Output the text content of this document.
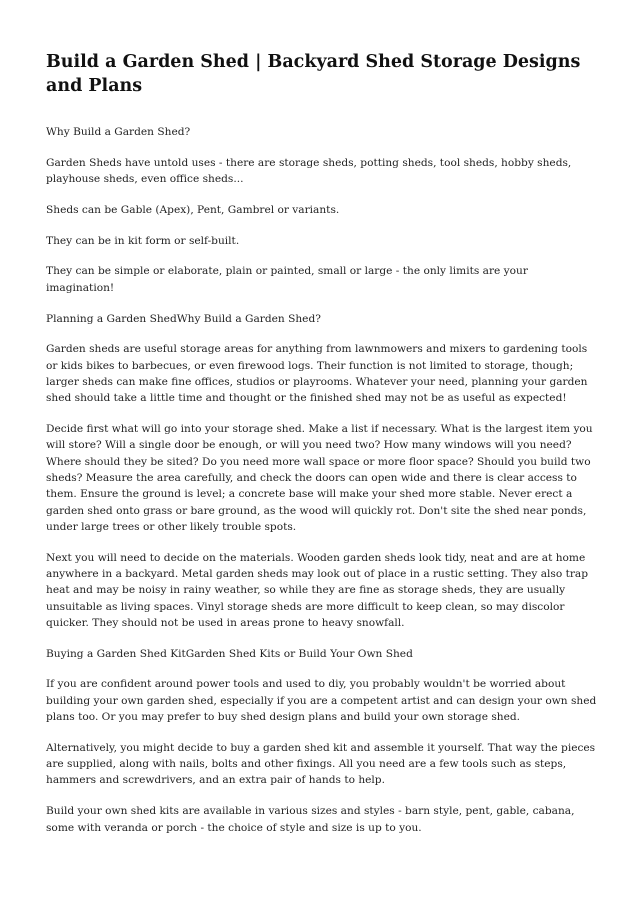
Build a Garden Shed | Backyard Shed Storage Designs and Plans

Why Build a Garden Shed?

Garden Sheds have untold uses - there are storage sheds, potting sheds, tool sheds, hobby sheds, playhouse sheds, even office sheds...

Sheds can be Gable (Apex), Pent, Gambrel or variants.

They can be in kit form or self-built.

They can be simple or elaborate, plain or painted, small or large - the only limits are your imagination!

Planning a Garden ShedWhy Build a Garden Shed?

Garden sheds are useful storage areas for anything from lawnmowers and mixers to gardening tools or kids bikes to barbecues, or even firewood logs. Their function is not limited to storage, though; larger sheds can make fine offices, studios or playrooms. Whatever your need, planning your garden shed should take a little time and thought or the finished shed may not be as useful as expected!

Decide first what will go into your storage shed. Make a list if necessary. What is the largest item you will store? Will a single door be enough, or will you need two? How many windows will you need? Where should they be sited? Do you need more wall space or more floor space? Should you build two sheds? Measure the area carefully, and check the doors can open wide and there is clear access to them. Ensure the ground is level; a concrete base will make your shed more stable. Never erect a garden shed onto grass or bare ground, as the wood will quickly rot. Don't site the shed near ponds, under large trees or other likely trouble spots.

Next you will need to decide on the materials. Wooden garden sheds look tidy, neat and are at home anywhere in a backyard. Metal garden sheds may look out of place in a rustic setting. They also trap heat and may be noisy in rainy weather, so while they are fine as storage sheds, they are usually unsuitable as living spaces. Vinyl storage sheds are more difficult to keep clean, so may discolor quicker. They should not be used in areas prone to heavy snowfall.

Buying a Garden Shed KitGarden Shed Kits or Build Your Own Shed

If you are confident around power tools and used to diy, you probably wouldn't be worried about building your own garden shed, especially if you are a competent artist and can design your own shed plans too. Or you may prefer to buy shed design plans and build your own storage shed.

Alternatively, you might decide to buy a garden shed kit and assemble it yourself. That way the pieces are supplied, along with nails, bolts and other fixings. All you need are a few tools such as steps, hammers and screwdrivers, and an extra pair of hands to help.

Build your own shed kits are available in various sizes and styles - barn style, pent, gable, cabana, some with veranda or porch - the choice of style and size is up to you.
